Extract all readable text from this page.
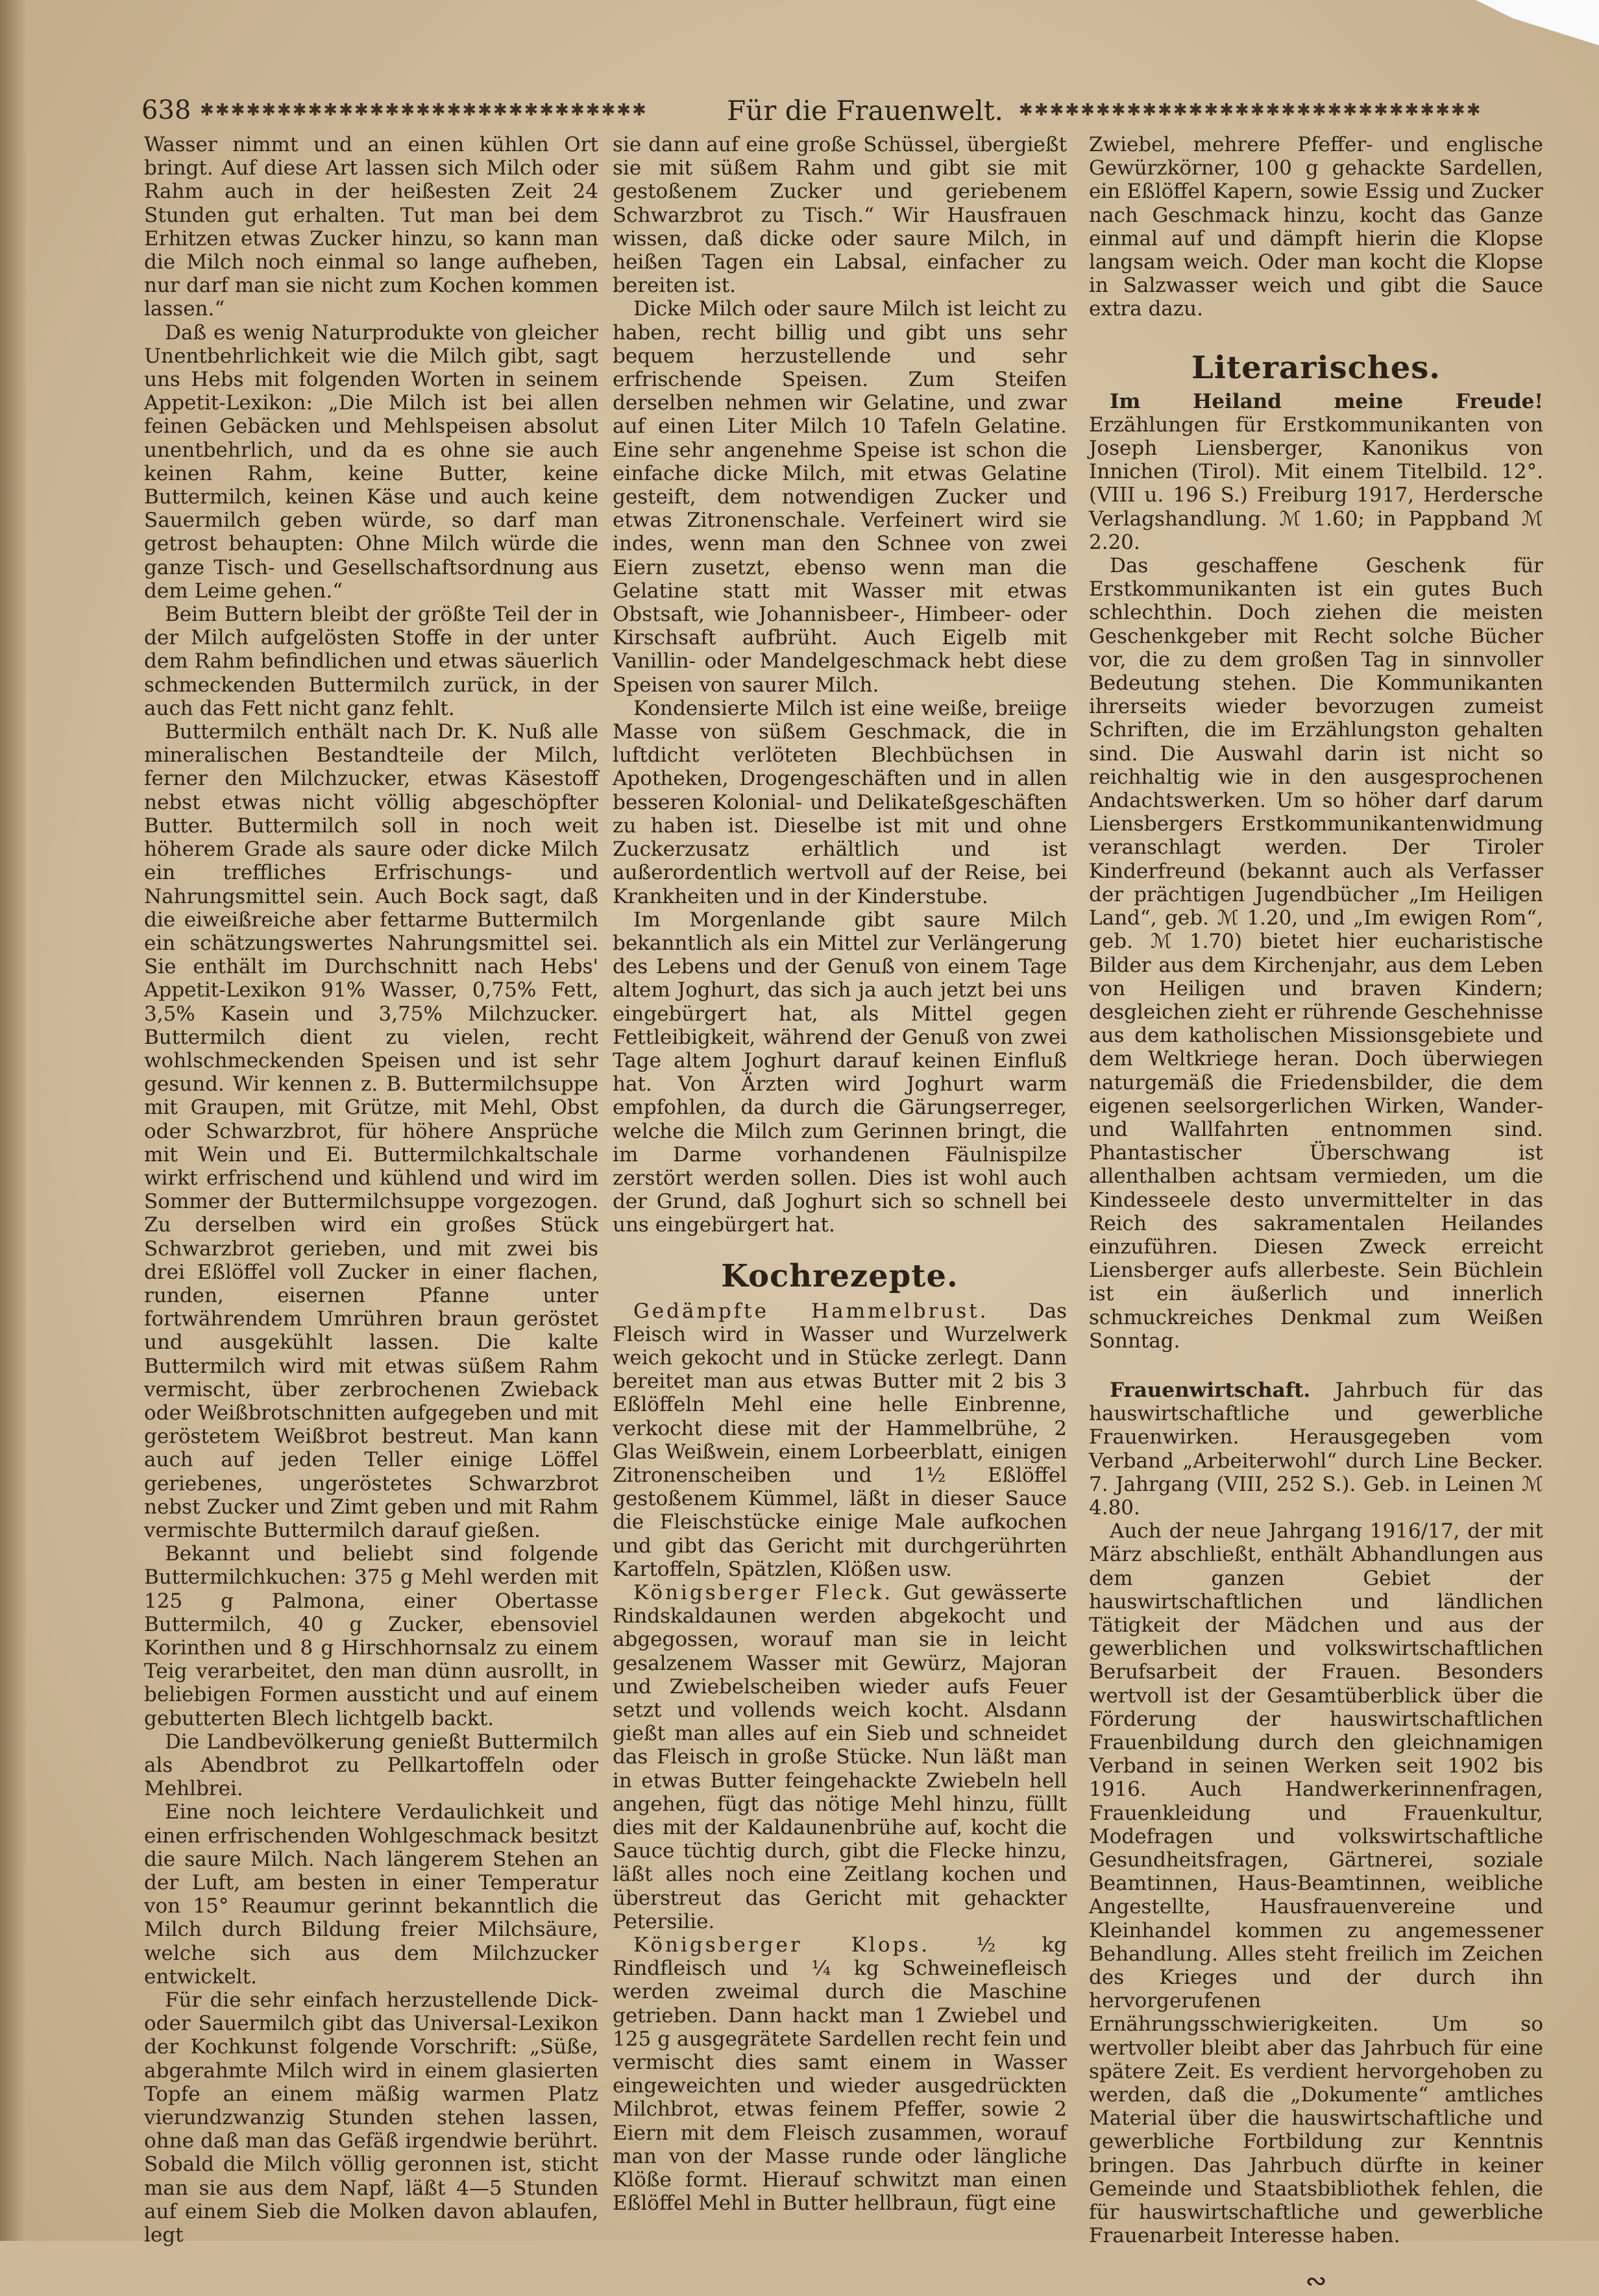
638 ✱✱✱✱✱✱✱✱✱✱✱✱✱✱✱✱✱✱✱✱✱✱✱✱✱✱✱✱✱	Für die Frauenwelt. ✱✱✱✱✱✱✱✱✱✱✱✱✱✱✱✱✱✱✱✱✱✱✱✱✱✱✱✱✱✱

Wasser nimmt und an einen kühlen Ort bringt. Auf diese Art lassen sich Milch oder Rahm auch in der heißesten Zeit 24 Stunden gut erhalten. Tut man bei dem Erhitzen etwas Zucker hinzu, so kann man die Milch noch einmal so lange aufheben, nur darf man sie nicht zum Kochen kommen lassen.“

Daß es wenig Naturprodukte von gleicher Unentbehrlichkeit wie die Milch gibt, sagt uns Hebs mit folgenden Worten in seinem Appetit-Lexikon: „Die Milch ist bei allen feinen Gebäcken und Mehlspeisen absolut unentbehrlich, und da es ohne sie auch keinen Rahm, keine Butter, keine Buttermilch, keinen Käse und auch keine Sauermilch geben würde, so darf man getrost behaupten: Ohne Milch würde die ganze Tisch- und Gesellschaftsordnung aus dem Leime gehen.“

Beim Buttern bleibt der größte Teil der in der Milch aufgelösten Stoffe in der unter dem Rahm befindlichen und etwas säuerlich schmeckenden Buttermilch zurück, in der auch das Fett nicht ganz fehlt.

Buttermilch enthält nach Dr. K. Nuß alle mineralischen Bestandteile der Milch, ferner den Milchzucker, etwas Käsestoff nebst etwas nicht völlig abgeschöpfter Butter. Buttermilch soll in noch weit höherem Grade als saure oder dicke Milch ein treffliches Erfrischungs- und Nahrungsmittel sein. Auch Bock sagt, daß die eiweißreiche aber fettarme Buttermilch ein schätzungswertes Nahrungsmittel sei. Sie enthält im Durchschnitt nach Hebs' Appetit-Lexikon 91% Wasser, 0,75% Fett, 3,5% Kasein und 3,75% Milchzucker. Buttermilch dient zu vielen, recht wohlschmeckenden Speisen und ist sehr gesund. Wir kennen z. B. Buttermilchsuppe mit Graupen, mit Grütze, mit Mehl, Obst oder Schwarzbrot, für höhere Ansprüche mit Wein und Ei. Buttermilchkaltschale wirkt erfrischend und kühlend und wird im Sommer der Buttermilchsuppe vorgezogen. Zu derselben wird ein großes Stück Schwarzbrot gerieben, und mit zwei bis drei Eßlöffel voll Zucker in einer flachen, runden, eisernen Pfanne unter fortwährendem Umrühren braun geröstet und ausgekühlt lassen. Die kalte Buttermilch wird mit etwas süßem Rahm vermischt, über zerbrochenen Zwieback oder Weißbrotschnitten aufgegeben und mit geröstetem Weißbrot bestreut. Man kann auch auf jeden Teller einige Löffel geriebenes, ungeröstetes Schwarzbrot nebst Zucker und Zimt geben und mit Rahm vermischte Buttermilch darauf gießen.

Bekannt und beliebt sind folgende Buttermilchkuchen: 375 g Mehl werden mit 125 g Palmona, einer Obertasse Buttermilch, 40 g Zucker, ebensoviel Korinthen und 8 g Hirschhornsalz zu einem Teig verarbeitet, den man dünn ausrollt, in beliebigen Formen aussticht und auf einem gebutterten Blech lichtgelb backt.

Die Landbevölkerung genießt Buttermilch als Abendbrot zu Pellkartoffeln oder Mehlbrei.

Eine noch leichtere Verdaulichkeit und einen erfrischenden Wohlgeschmack besitzt die saure Milch. Nach längerem Stehen an der Luft, am besten in einer Temperatur von 15° Reaumur gerinnt bekanntlich die Milch durch Bildung freier Milchsäure, welche sich aus dem Milchzucker entwickelt.

Für die sehr einfach herzustellende Dick- oder Sauermilch gibt das Universal-Lexikon der Kochkunst folgende Vorschrift: „Süße, abgerahmte Milch wird in einem glasierten Topfe an einem mäßig warmen Platz vierundzwanzig Stunden stehen lassen, ohne daß man das Gefäß irgendwie berührt. Sobald die Milch völlig geronnen ist, sticht man sie aus dem Napf, läßt 4—5 Stunden auf einem Sieb die Molken davon ablaufen, legt

sie dann auf eine große Schüssel, übergießt sie mit süßem Rahm und gibt sie mit gestoßenem Zucker und geriebenem Schwarzbrot zu Tisch.“ Wir Hausfrauen wissen, daß dicke oder saure Milch, in heißen Tagen ein Labsal, einfacher zu bereiten ist.

Dicke Milch oder saure Milch ist leicht zu haben, recht billig und gibt uns sehr bequem herzustellende und sehr erfrischende Speisen. Zum Steifen derselben nehmen wir Gelatine, und zwar auf einen Liter Milch 10 Tafeln Gelatine. Eine sehr angenehme Speise ist schon die einfache dicke Milch, mit etwas Gelatine gesteift, dem notwendigen Zucker und etwas Zitronenschale. Verfeinert wird sie indes, wenn man den Schnee von zwei Eiern zusetzt, ebenso wenn man die Gelatine statt mit Wasser mit etwas Obstsaft, wie Johannisbeer-, Himbeer- oder Kirschsaft aufbrüht. Auch Eigelb mit Vanillin- oder Mandelgeschmack hebt diese Speisen von saurer Milch.

Kondensierte Milch ist eine weiße, breiige Masse von süßem Geschmack, die in luftdicht verlöteten Blechbüchsen in Apotheken, Drogengeschäften und in allen besseren Kolonial- und Delikateßgeschäften zu haben ist. Dieselbe ist mit und ohne Zuckerzusatz erhältlich und ist außerordentlich wertvoll auf der Reise, bei Krankheiten und in der Kinderstube.

Im Morgenlande gibt saure Milch bekanntlich als ein Mittel zur Verlängerung des Lebens und der Genuß von einem Tage altem Joghurt, das sich ja auch jetzt bei uns eingebürgert hat, als Mittel gegen Fettleibigkeit, während der Genuß von zwei Tage altem Joghurt darauf keinen Einfluß hat. Von Ärzten wird Joghurt warm empfohlen, da durch die Gärungserreger, welche die Milch zum Gerinnen bringt, die im Darme vorhandenen Fäulnispilze zerstört werden sollen. Dies ist wohl auch der Grund, daß Joghurt sich so schnell bei uns eingebürgert hat.

Kochrezepte.

Gedämpfte Hammelbrust. Das Fleisch wird in Wasser und Wurzelwerk weich gekocht und in Stücke zerlegt. Dann bereitet man aus etwas Butter mit 2 bis 3 Eßlöffeln Mehl eine helle Einbrenne, verkocht diese mit der Hammelbrühe, 2 Glas Weißwein, einem Lorbeerblatt, einigen Zitronenscheiben und 1½ Eßlöffel gestoßenem Kümmel, läßt in dieser Sauce die Fleischstücke einige Male aufkochen und gibt das Gericht mit durchgerührten Kartoffeln, Spätzlen, Klößen usw.

Königsberger Fleck. Gut gewässerte Rindskaldaunen werden abgekocht und abgegossen, worauf man sie in leicht gesalzenem Wasser mit Gewürz, Majoran und Zwiebelscheiben wieder aufs Feuer setzt und vollends weich kocht. Alsdann gießt man alles auf ein Sieb und schneidet das Fleisch in große Stücke. Nun läßt man in etwas Butter feingehackte Zwiebeln hell angehen, fügt das nötige Mehl hinzu, füllt dies mit der Kaldaunenbrühe auf, kocht die Sauce tüchtig durch, gibt die Flecke hinzu, läßt alles noch eine Zeitlang kochen und überstreut das Gericht mit gehackter Petersilie.

Königsberger Klops. ½ kg Rindfleisch und ¼ kg Schweinefleisch werden zweimal durch die Maschine getrieben. Dann hackt man 1 Zwiebel und 125 g ausgegrätete Sardellen recht fein und vermischt dies samt einem in Wasser eingeweichten und wieder ausgedrückten Milchbrot, etwas feinem Pfeffer, sowie 2 Eiern mit dem Fleisch zusammen, worauf man von der Masse runde oder längliche Klöße formt. Hierauf schwitzt man einen Eßlöffel Mehl in Butter hellbraun, fügt eine

Zwiebel, mehrere Pfeffer- und englische Gewürzkörner, 100 g gehackte Sardellen, ein Eßlöffel Kapern, sowie Essig und Zucker nach Geschmack hinzu, kocht das Ganze einmal auf und dämpft hierin die Klopse langsam weich. Oder man kocht die Klopse in Salzwasser weich und gibt die Sauce extra dazu.

Literarisches.

Im Heiland meine Freude! Erzählungen für Erstkommunikanten von Joseph Liensberger, Kanonikus von Innichen (Tirol). Mit einem Titelbild. 12°. (VIII u. 196 S.) Freiburg 1917, Herdersche Verlagshandlung. ℳ 1.60; in Pappband ℳ 2.20.

Das geschaffene Geschenk für Erstkommunikanten ist ein gutes Buch schlechthin. Doch ziehen die meisten Geschenkgeber mit Recht solche Bücher vor, die zu dem großen Tag in sinnvoller Bedeutung stehen. Die Kommunikanten ihrerseits wieder bevorzugen zumeist Schriften, die im Erzählungston gehalten sind. Die Auswahl darin ist nicht so reichhaltig wie in den ausgesprochenen Andachtswerken. Um so höher darf darum Liensbergers Erstkommunikantenwidmung veranschlagt werden. Der Tiroler Kinderfreund (bekannt auch als Verfasser der prächtigen Jugendbücher „Im Heiligen Land“, geb. ℳ 1.20, und „Im ewigen Rom“, geb. ℳ 1.70) bietet hier eucharistische Bilder aus dem Kirchenjahr, aus dem Leben von Heiligen und braven Kindern; desgleichen zieht er rührende Geschehnisse aus dem katholischen Missionsgebiete und dem Weltkriege heran. Doch überwiegen naturgemäß die Friedensbilder, die dem eigenen seelsorgerlichen Wirken, Wander- und Wallfahrten entnommen sind. Phantastischer Überschwang ist allenthalben achtsam vermieden, um die Kindesseele desto unvermittelter in das Reich des sakramentalen Heilandes einzuführen. Diesen Zweck erreicht Liensberger aufs allerbeste. Sein Büchlein ist ein äußerlich und innerlich schmuckreiches Denkmal zum Weißen Sonntag.

Frauenwirtschaft. Jahrbuch für das hauswirtschaftliche und gewerbliche Frauenwirken. Herausgegeben vom Verband „Arbeiterwohl“ durch Line Becker. 7. Jahrgang (VIII, 252 S.). Geb. in Leinen ℳ 4.80.

Auch der neue Jahrgang 1916/17, der mit März abschließt, enthält Abhandlungen aus dem ganzen Gebiet der hauswirtschaftlichen und ländlichen Tätigkeit der Mädchen und aus der gewerblichen und volkswirtschaftlichen Berufsarbeit der Frauen. Besonders wertvoll ist der Gesamtüberblick über die Förderung der hauswirtschaftlichen Frauenbildung durch den gleichnamigen Verband in seinen Werken seit 1902 bis 1916. Auch Handwerkerinnenfragen, Frauenkleidung und Frauenkultur, Modefragen und volkswirtschaftliche Gesundheitsfragen, Gärtnerei, soziale Beamtinnen, Haus-Beamtinnen, weibliche Angestellte, Hausfrauenvereine und Kleinhandel kommen zu angemessener Behandlung. Alles steht freilich im Zeichen des Krieges und der durch ihn hervorgerufenen Ernährungsschwierigkeiten. Um so wertvoller bleibt aber das Jahrbuch für eine spätere Zeit. Es verdient hervorgehoben zu werden, daß die „Dokumente“ amtliches Material über die hauswirtschaftliche und gewerbliche Fortbildung zur Kenntnis bringen. Das Jahrbuch dürfte in keiner Gemeinde und Staatsbibliothek fehlen, die für hauswirtschaftliche und gewerbliche Frauenarbeit Interesse haben.

∾
